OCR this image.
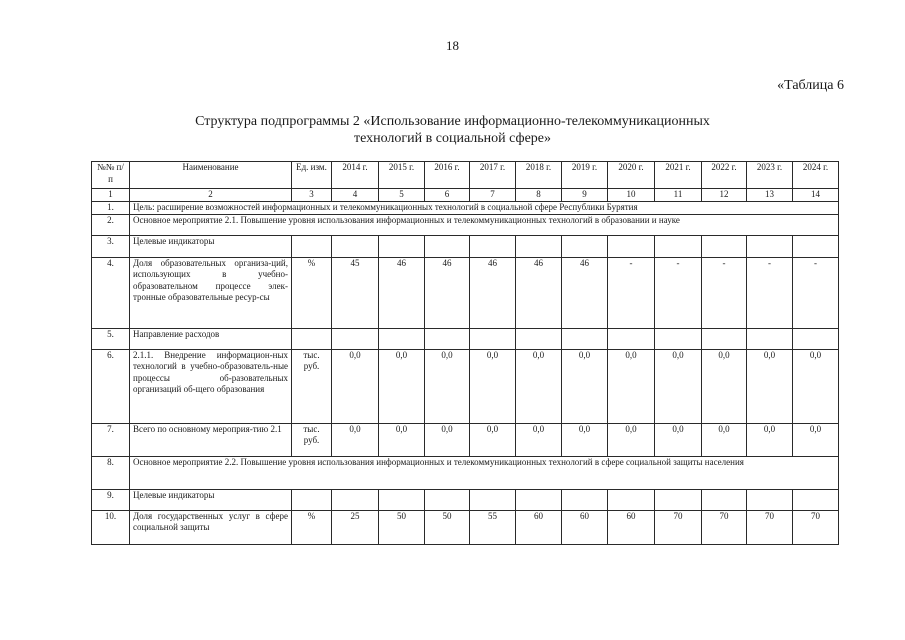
18
«Таблица 6
Структура подпрограммы 2 «Использование информационно-телекоммуникационных
технологий в социальной сфере»
№№ п/п	Наименование	Ед. изм.	2014 г.	2015 г.	2016 г.	2017 г.	2018 г.	2019 г.	2020 г.	2021 г.	2022 г.	2023 г.	2024 г.
1	2	3	4	5	6	7	8	9	10	11	12	13	14
1.	Цель: расширение возможностей информационных и телекоммуникационных технологий в социальной сфере Республики Бурятия												
2.	Основное мероприятие 2.1. Повышение уровня использования информационных и телекоммуникационных технологий в образовании и науке												
3.	Целевые индикаторы												
4.	Доля образовательных организа-ций, использующих в учебно-образовательном процессе элек-тронные образовательные ресур-сы	%	45	46	46	46	46	46	-	-	-	-	-
5.	Направление расходов												
6.	2.1.1. Внедрение информацион-ных технологий в учебно-образователь-ные процессы об-разовательных организаций об-щего образования	тыс. руб.	0,0	0,0	0,0	0,0	0,0	0,0	0,0	0,0	0,0	0,0	0,0
7.	Всего по основному мероприя-тию 2.1	тыс. руб.	0,0	0,0	0,0	0,0	0,0	0,0	0,0	0,0	0,0	0,0	0,0
8.	Основное мероприятие 2.2. Повышение уровня использования информационных и телекоммуникационных технологий в сфере социальной защиты населения												
9.	Целевые индикаторы												
10.	Доля государственных услуг в сфере социальной защиты	%	25	50	50	55	60	60	60	70	70	70	70
